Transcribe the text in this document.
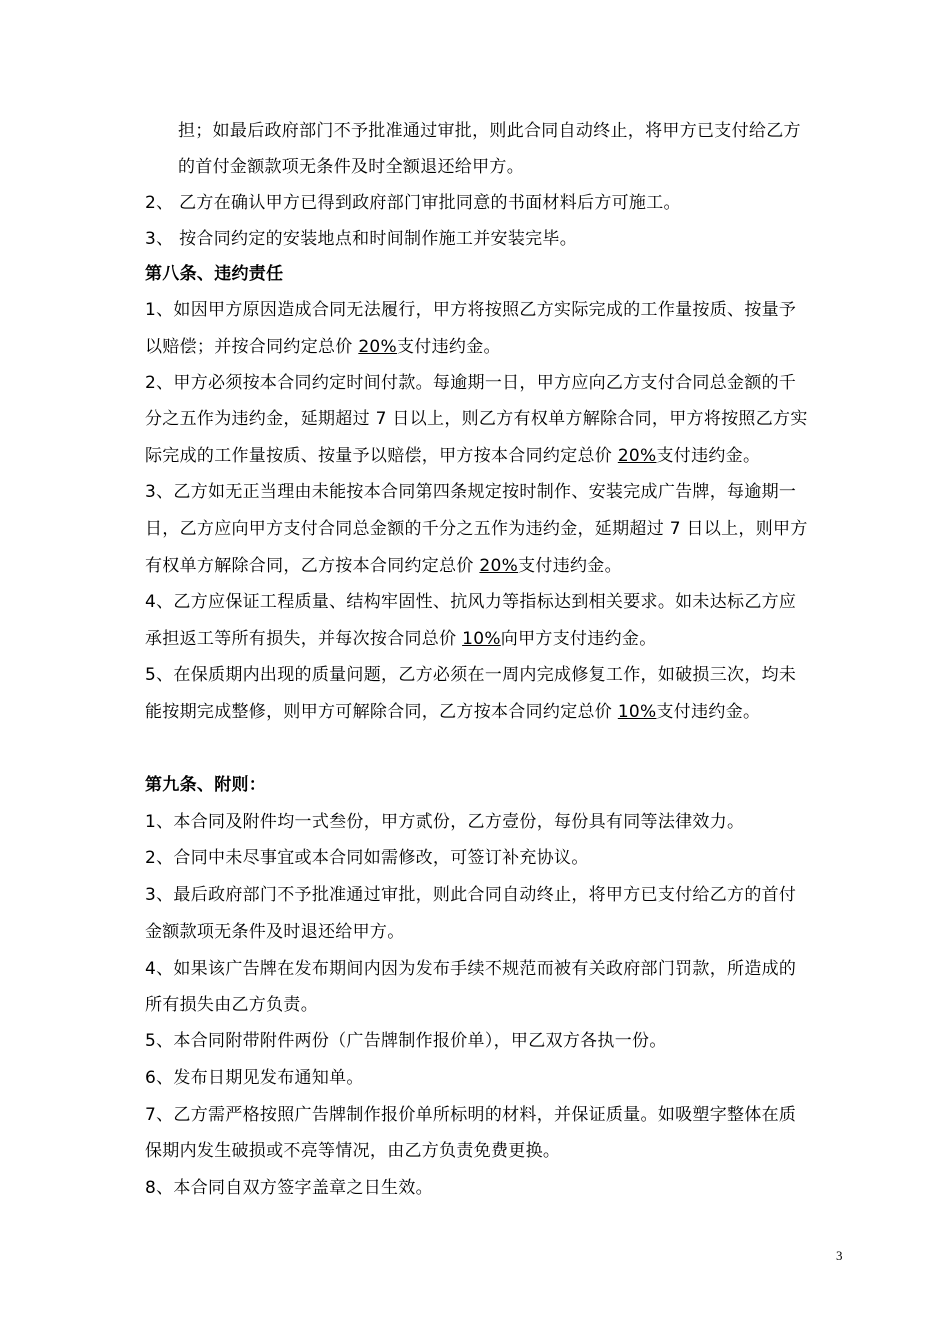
担；如最后政府部门不予批准通过审批，则此合同自动终止，将甲方已支付给乙方
的首付金额款项无条件及时全额退还给甲方。
2、 乙方在确认甲方已得到政府部门审批同意的书面材料后方可施工。
3、 按合同约定的安装地点和时间制作施工并安装完毕。
第八条、违约责任
1、如因甲方原因造成合同无法履行，甲方将按照乙方实际完成的工作量按质、按量予
以赔偿；并按合同约定总价 20%支付违约金。
2、甲方必须按本合同约定时间付款。每逾期一日，甲方应向乙方支付合同总金额的千
分之五作为违约金，延期超过 7 日以上，则乙方有权单方解除合同，甲方将按照乙方实
际完成的工作量按质、按量予以赔偿，甲方按本合同约定总价 20%支付违约金。
3、乙方如无正当理由未能按本合同第四条规定按时制作、安装完成广告牌，每逾期一
日，乙方应向甲方支付合同总金额的千分之五作为违约金，延期超过 7 日以上，则甲方
有权单方解除合同，乙方按本合同约定总价 20%支付违约金。
4、乙方应保证工程质量、结构牢固性、抗风力等指标达到相关要求。如未达标乙方应
承担返工等所有损失，并每次按合同总价 10%向甲方支付违约金。
5、在保质期内出现的质量问题，乙方必须在一周内完成修复工作，如破损三次，均未
能按期完成整修，则甲方可解除合同，乙方按本合同约定总价 10%支付违约金。
第九条、附则：
1、本合同及附件均一式叁份，甲方贰份，乙方壹份，每份具有同等法律效力。
2、合同中未尽事宜或本合同如需修改，可签订补充协议。
3、最后政府部门不予批准通过审批，则此合同自动终止，将甲方已支付给乙方的首付
金额款项无条件及时退还给甲方。
4、如果该广告牌在发布期间内因为发布手续不规范而被有关政府部门罚款，所造成的
所有损失由乙方负责。
5、本合同附带附件两份（广告牌制作报价单），甲乙双方各执一份。
6、发布日期见发布通知单。
7、乙方需严格按照广告牌制作报价单所标明的材料，并保证质量。如吸塑字整体在质
保期内发生破损或不亮等情况，由乙方负责免费更换。
8、本合同自双方签字盖章之日生效。
3
